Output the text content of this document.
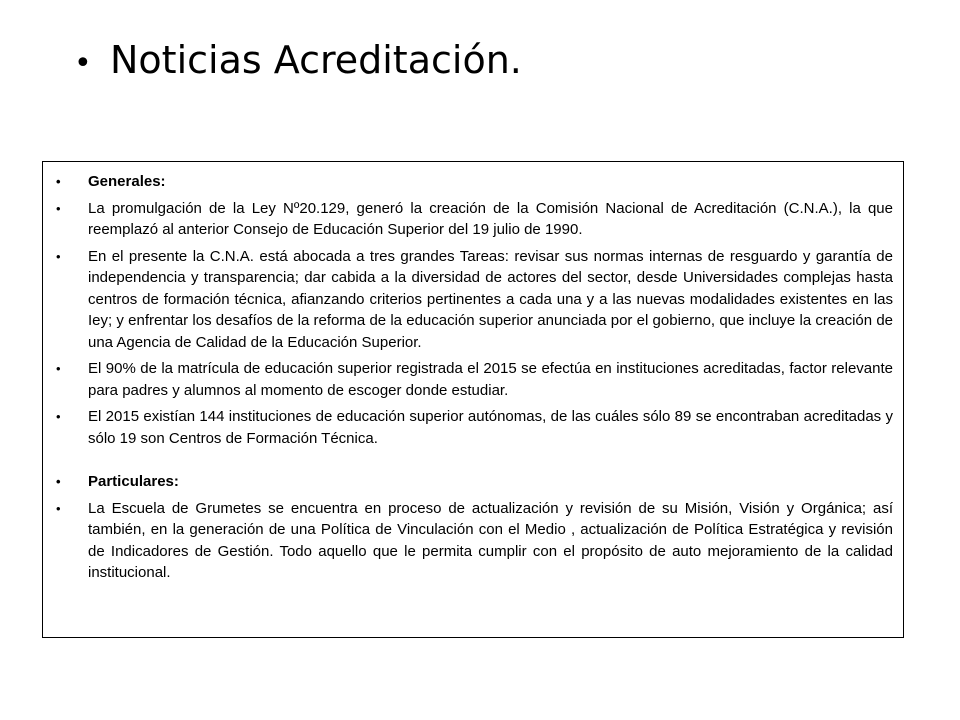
• Noticias Acreditación.
• Generales:
• La promulgación de la Ley Nº20.129, generó la creación de la Comisión Nacional de Acreditación (C.N.A.), la que reemplazó al anterior Consejo de Educación Superior del 19 julio de 1990.
• En el presente la C.N.A. está abocada a tres grandes Tareas: revisar sus normas internas de resguardo y garantía de independencia y transparencia; dar cabida a la diversidad de actores del sector, desde Universidades complejas hasta centros de formación técnica, afianzando criterios pertinentes a cada una y a las nuevas modalidades existentes en las Iey; y enfrentar los desafíos de la reforma de la educación superior anunciada por el gobierno, que incluye la creación de una Agencia de Calidad de la Educación Superior.
• El 90% de la matrícula de educación superior registrada el 2015 se efectúa en instituciones acreditadas, factor relevante para padres y alumnos al momento de escoger donde estudiar.
• El 2015 existían 144 instituciones de educación superior autónomas, de las cuáles sólo 89 se encontraban acreditadas y sólo 19 son Centros de Formación Técnica.
• Particulares:
• La Escuela de Grumetes se encuentra en proceso de actualización y revisión de su Misión, Visión y Orgánica; así también, en la generación de una Política de Vinculación con el Medio , actualización de Política Estratégica y revisión de Indicadores de Gestión. Todo aquello que le permita cumplir con el propósito de auto mejoramiento de la calidad institucional.
